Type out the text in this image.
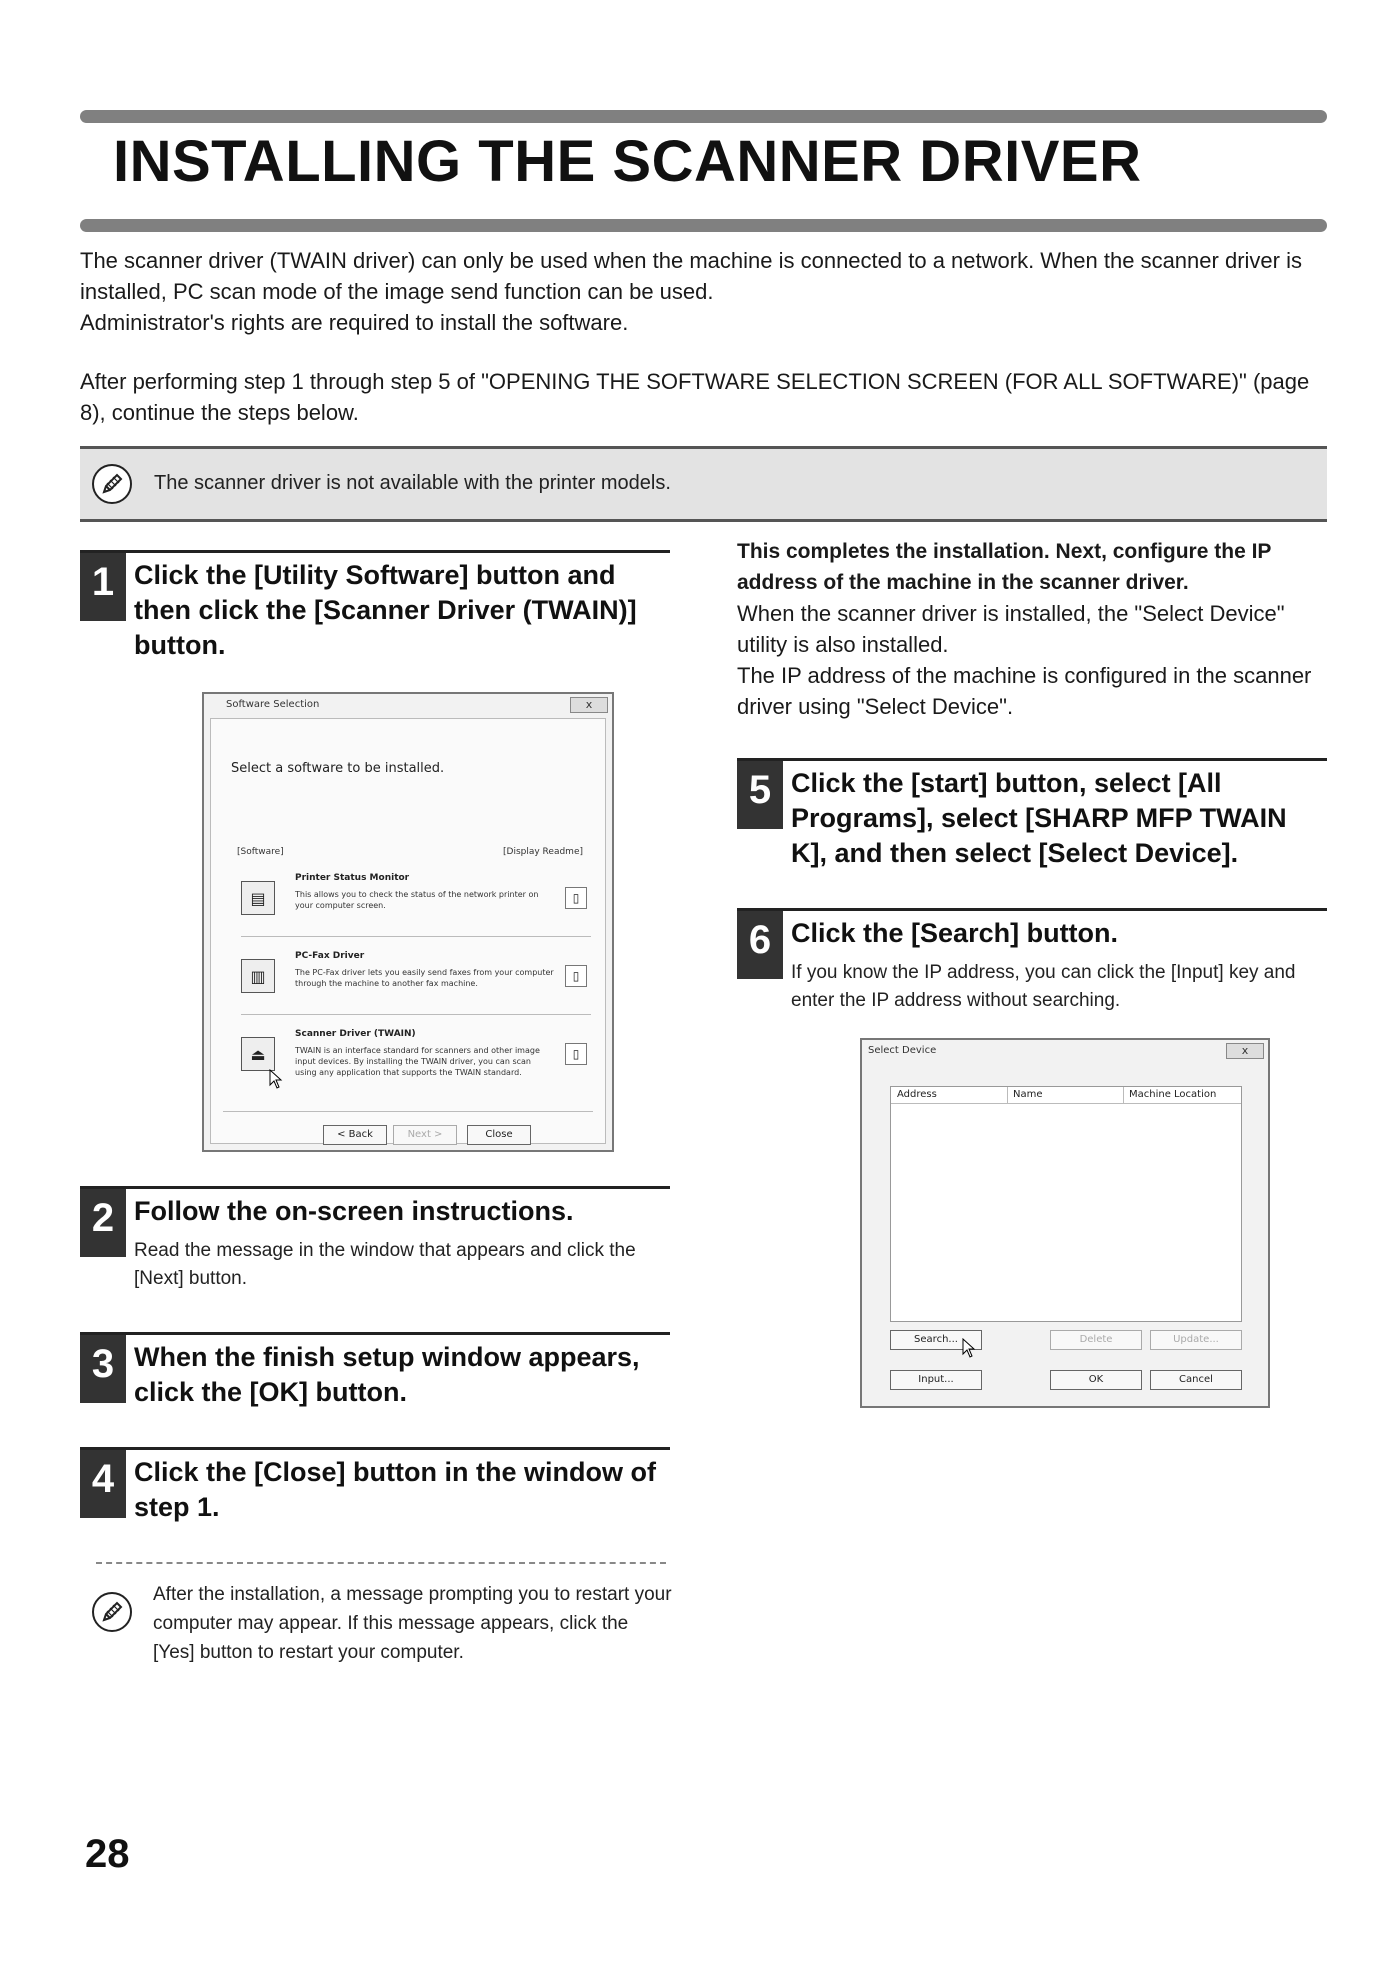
INSTALLING THE SCANNER DRIVER
The scanner driver (TWAIN driver) can only be used when the machine is connected to a network. When the scanner driver is installed, PC scan mode of the image send function can be used.
Administrator's rights are required to install the software.
After performing step 1 through step 5 of "OPENING THE SOFTWARE SELECTION SCREEN (FOR ALL SOFTWARE)" (page 8), continue the steps below.
The scanner driver is not available with the printer models.
1 Click the [Utility Software] button and then click the [Scanner Driver (TWAIN)] button.
Software Selection	x
Select a software to be installed.
[Software]	[Display Readme]
▤
Printer Status Monitor
This allows you to check the status of the network printer on your computer screen.
▯
▥
PC-Fax Driver
The PC-Fax driver lets you easily send faxes from your computer through the machine to another fax machine.
▯
⏏
Scanner Driver (TWAIN)
TWAIN is an interface standard for scanners and other image input devices. By installing the TWAIN driver, you can scan using any application that supports the TWAIN standard.
▯
< Back	Next >	Close
2 Follow the on-screen instructions.
Read the message in the window that appears and click the [Next] button.
3 When the finish setup window appears, click the [OK] button.
4 Click the [Close] button in the window of step 1.
After the installation, a message prompting you to restart your computer may appear. If this message appears, click the [Yes] button to restart your computer.
This completes the installation. Next, configure the IP address of the machine in the scanner driver.
When the scanner driver is installed, the "Select Device" utility is also installed.
The IP address of the machine is configured in the scanner driver using "Select Device".
5 Click the [start] button, select [All Programs], select [SHARP MFP TWAIN K], and then select [Select Device].
6 Click the [Search] button.
If you know the IP address, you can click the [Input] key and enter the IP address without searching.
Select Device	x
Address	Name	Machine Location
Search...	Delete	Update...
Input...	OK	Cancel
28
